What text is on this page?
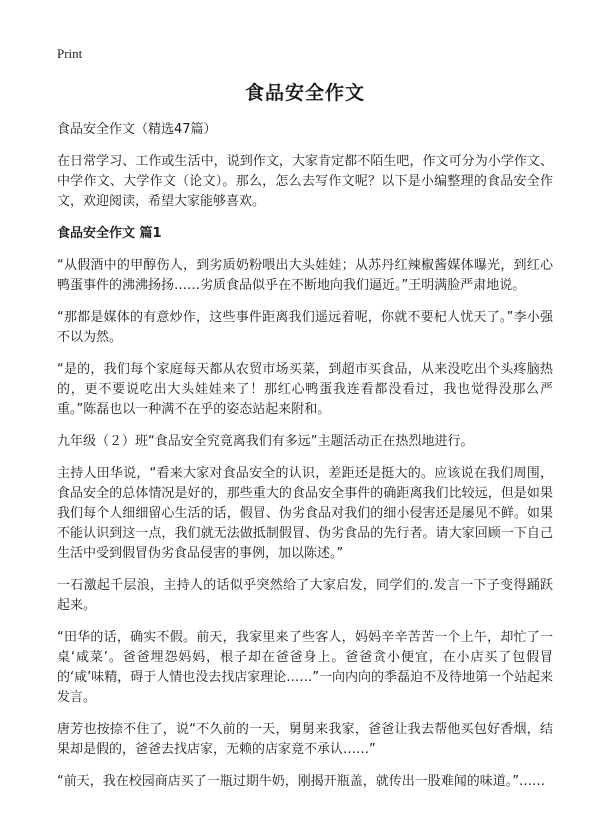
Print
食品安全作文

食品安全作文（精选47篇）

在日常学习、工作或生活中，说到作文，大家肯定都不陌生吧，作文可分为小学作文、中学作文、大学作文（论文）。那么，怎么去写作文呢？以下是小编整理的食品安全作文，欢迎阅读，希望大家能够喜欢。

食品安全作文 篇1

“从假酒中的甲醇伤人，到劣质奶粉喂出大头娃娃；从苏丹红辣椒酱媒体曝光，到红心鸭蛋事件的沸沸扬扬……劣质食品似乎在不断地向我们逼近。”王明满脸严肃地说。

“那都是媒体的有意炒作，这些事件距离我们遥远着呢，你就不要杞人忧天了。”李小强不以为然。

“是的，我们每个家庭每天都从农贸市场买菜，到超市买食品，从来没吃出个头疼脑热的，更不要说吃出大头娃娃来了！那红心鸭蛋我连看都没看过，我也觉得没那么严重。”陈磊也以一种满不在乎的姿态站起来附和。

九年级（２）班“食品安全究竟离我们有多远”主题活动正在热烈地进行。

主持人田华说，“看来大家对食品安全的认识，差距还是挺大的。应该说在我们周围，食品安全的总体情况是好的，那些重大的食品安全事件的确距离我们比较远，但是如果我们每个人细细留心生活的话，假冒、伪劣食品对我们的细小侵害还是屡见不鲜。如果不能认识到这一点，我们就无法做抵制假冒、伪劣食品的先行者。请大家回顾一下自己生活中受到假冒伪劣食品侵害的事例，加以陈述。”

一石激起千层浪，主持人的话似乎突然给了大家启发，同学们的.发言一下子变得踊跃起来。

“田华的话，确实不假。前天，我家里来了些客人，妈妈辛辛苦苦一个上午，却忙了一桌‘咸菜’。爸爸埋怨妈妈，根子却在爸爸身上。爸爸贪小便宜，在小店买了包假冒的‘咸’味精，碍于人情也没去找店家理论……”一向内向的季磊迫不及待地第一个站起来发言。

唐芳也按捺不住了，说“不久前的一天，舅舅来我家，爸爸让我去帮他买包好香烟，结果却是假的，爸爸去找店家，无赖的店家竟不承认……”

“前天，我在校园商店买了一瓶过期牛奶，刚揭开瓶盖，就传出一股难闻的味道。”……
